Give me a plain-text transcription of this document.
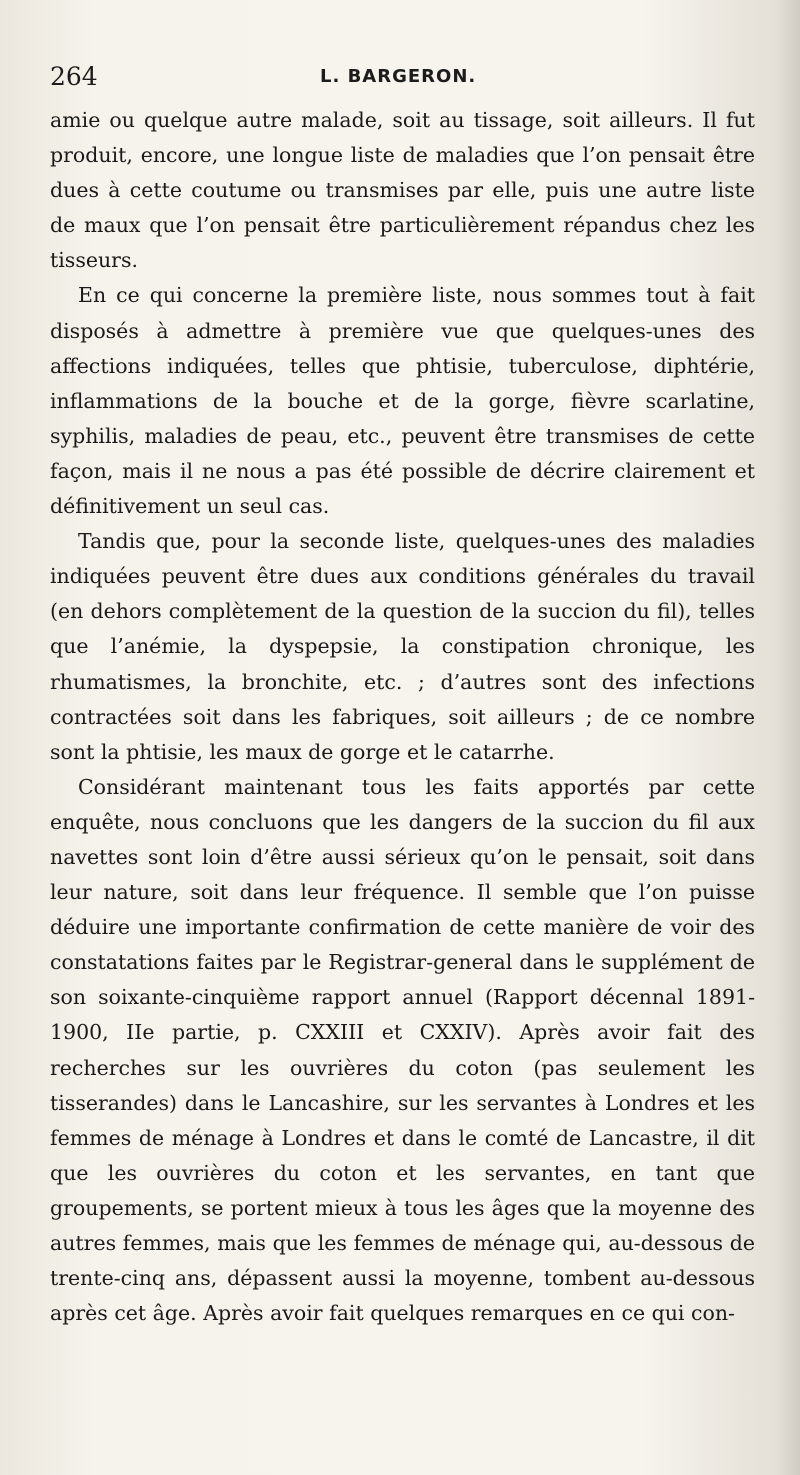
264	L. BARGERON.

amie ou quelque autre malade, soit au tissage, soit ailleurs. Il fut produit, encore, une longue liste de maladies que l’on pensait être dues à cette coutume ou transmises par elle, puis une autre liste de maux que l’on pensait être particulièrement répandus chez les tisseurs.

En ce qui concerne la première liste, nous sommes tout à fait disposés à admettre à première vue que quelques-unes des affections indiquées, telles que phtisie, tuberculose, diphtérie, inflammations de la bouche et de la gorge, fièvre scarlatine, syphilis, maladies de peau, etc., peuvent être transmises de cette façon, mais il ne nous a pas été possible de décrire clairement et définitivement un seul cas.

Tandis que, pour la seconde liste, quelques-unes des maladies indiquées peuvent être dues aux conditions générales du travail (en dehors complètement de la question de la succion du fil), telles que l’anémie, la dyspepsie, la constipation chronique, les rhumatismes, la bronchite, etc. ; d’autres sont des infections contractées soit dans les fabriques, soit ailleurs ; de ce nombre sont la phtisie, les maux de gorge et le catarrhe.

Considérant maintenant tous les faits apportés par cette enquête, nous concluons que les dangers de la succion du fil aux navettes sont loin d’être aussi sérieux qu’on le pensait, soit dans leur nature, soit dans leur fréquence. Il semble que l’on puisse déduire une importante confirmation de cette manière de voir des constatations faites par le Registrar-general dans le supplément de son soixante-cinquième rapport annuel (Rapport décennal 1891-1900, IIe partie, p. CXXIII et CXXIV). Après avoir fait des recherches sur les ouvrières du coton (pas seulement les tisserandes) dans le Lancashire, sur les servantes à Londres et les femmes de ménage à Londres et dans le comté de Lancastre, il dit que les ouvrières du coton et les servantes, en tant que groupements, se portent mieux à tous les âges que la moyenne des autres femmes, mais que les femmes de ménage qui, au-dessous de trente-cinq ans, dépassent aussi la moyenne, tombent au-dessous après cet âge. Après avoir fait quelques remarques en ce qui con-
